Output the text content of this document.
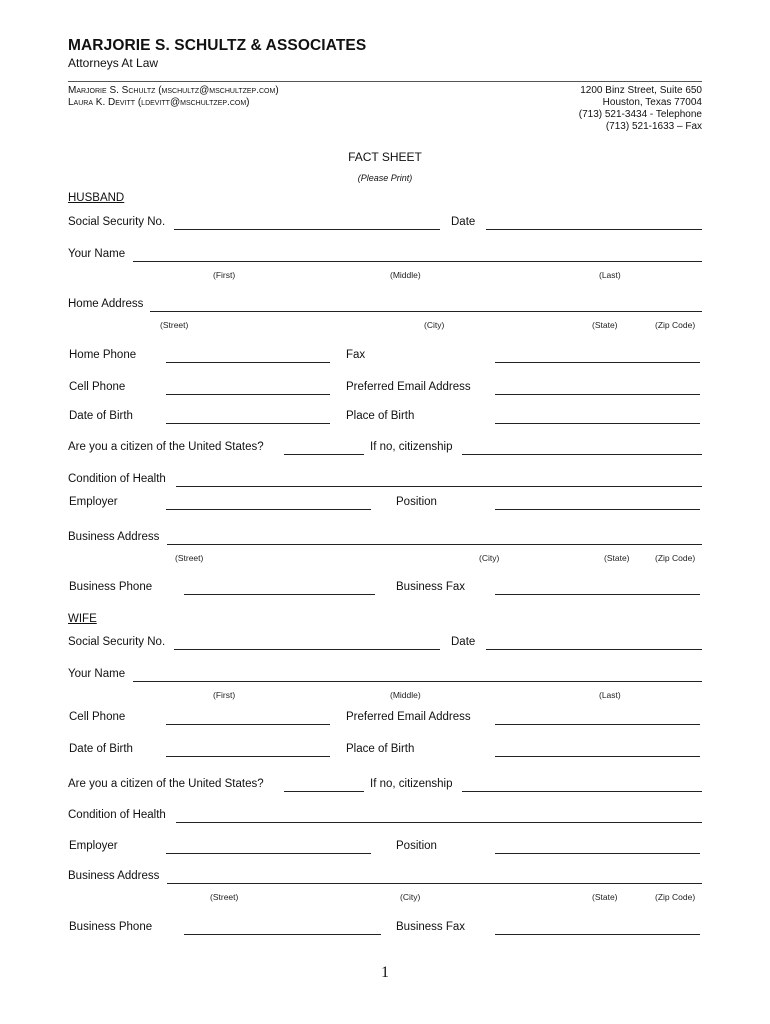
MARJORIE S. SCHULTZ & ASSOCIATES
Attorneys At Law
Marjorie S. Schultz (mschultz@mschultzep.com)
Laura K. Devitt (ldevitt@mschultzep.com)
1200 Binz Street, Suite 650
Houston, Texas 77004
(713) 521-3434 - Telephone
(713) 521-1633 – Fax
FACT SHEET
(Please Print)
HUSBAND
Social Security No.	Date
Your Name
(First)	(Middle)	(Last)
Home Address
(Street)	(City)	(State)	(Zip Code)
Home Phone	Fax
Cell Phone	Preferred Email Address
Date of Birth	Place of Birth
Are you a citizen of the United States?	If no, citizenship
Condition of Health
Employer	Position
Business Address
(Street)	(City)	(State)	(Zip Code)
Business Phone	Business Fax
WIFE
Social Security No.	Date
Your Name
(First)	(Middle)	(Last)
Cell Phone	Preferred Email Address
Date of Birth	Place of Birth
Are you a citizen of the United States?	If no, citizenship
Condition of Health
Employer	Position
Business Address
(Street)	(City)	(State)	(Zip Code)
Business Phone	Business Fax
1
